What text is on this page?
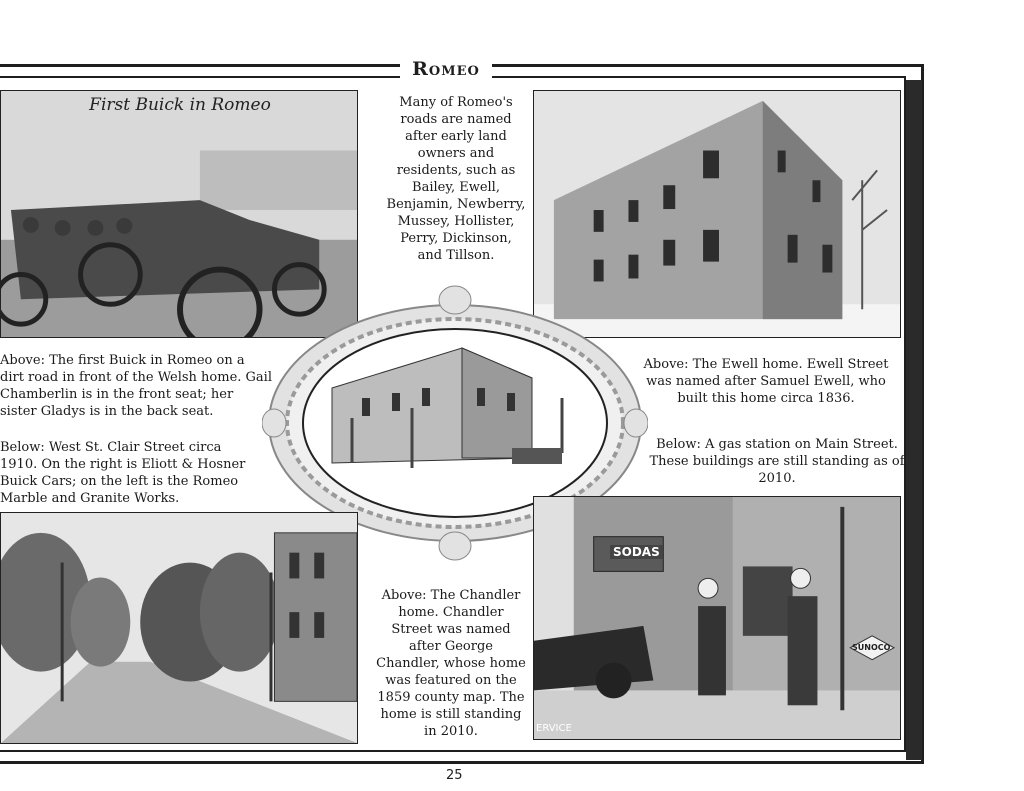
Romeo
First Buick in Romeo	Many of Romeo's roads are named after early land owners and residents, such as Bailey, Ewell, Benjamin, Newberry, Mussey, Hollister, Perry, Dickinson, and Tillson.
Above: The first Buick in Romeo on a dirt road in front of the Welsh home. Gail Chamberlin is in the front seat; her sister Gladys is in the back seat.
Below: West St. Clair Street circa 1910. On the right is Eliott & Hosner Buick Cars; on the left is the Romeo Marble and Granite Works.
Above: The Ewell home. Ewell Street was named after Samuel Ewell, who built this home circa 1836.
Below: A gas station on Main Street. These buildings are still standing as of 2010.
Above: The Chandler home. Chandler Street was named after George Chandler, whose home was featured on the 1859 county map. The home is still standing in 2010.
SODAS
SUNOCO
ERVICE
25
